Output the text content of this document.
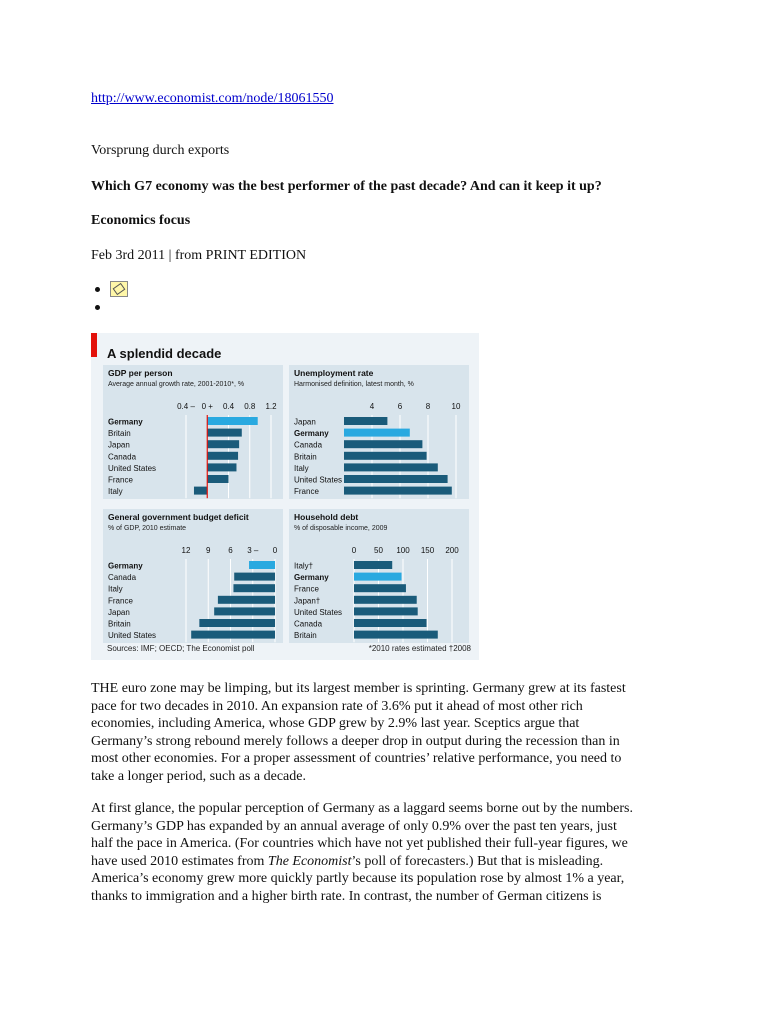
http://www.economist.com/node/18061550
Vorsprung durch exports
Which G7 economy was the best performer of the past decade? And can it keep it up?
Economics focus
Feb 3rd 2011 | from PRINT EDITION
A splendid decade
GDP per person
Average annual growth rate, 2001-2010*, %
0.4 – 0 + 0.4 0.8 1.2
Germany
Britain
Japan
Canada
United States
France
Italy
Unemployment rate
Harmonised definition, latest month, %
4	6	8	10
Japan
Germany
Canada
Britain
Italy
United States
France
General government budget deficit
% of GDP, 2010 estimate
12 9 6 3 – 0
Germany
Canada
Italy
France
Japan
Britain
United States
Household debt
% of disposable income, 2009
0 50 100 150 200
Italy†
Germany
France
Japan†
United States
Canada
Britain
Sources: IMF; OECD; The Economist poll	*2010 rates estimated †2008
THE euro zone may be limping, but its largest member is sprinting. Germany grew at its fastest
pace for two decades in 2010. An expansion rate of 3.6% put it ahead of most other rich
economies, including America, whose GDP grew by 2.9% last year. Sceptics argue that
Germany’s strong rebound merely follows a deeper drop in output during the recession than in
most other economies. For a proper assessment of countries’ relative performance, you need to
take a longer period, such as a decade.
At first glance, the popular perception of Germany as a laggard seems borne out by the numbers.
Germany’s GDP has expanded by an annual average of only 0.9% over the past ten years, just
half the pace in America. (For countries which have not yet published their full-year figures, we
have used 2010 estimates from The Economist’s poll of forecasters.) But that is misleading.
America’s economy grew more quickly partly because its population rose by almost 1% a year,
thanks to immigration and a higher birth rate. In contrast, the number of German citizens is
